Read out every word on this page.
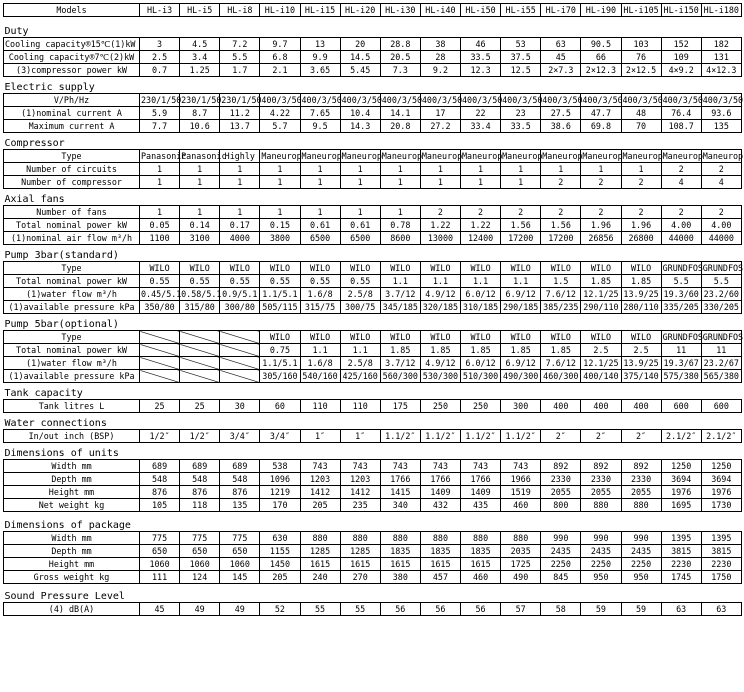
Models	HL-i3	HL-i5	HL-i8	HL-i10	HL-i15	HL-i20	HL-i30	HL-i40	HL-i50	HL-i55	HL-i70	HL-i90	HL-i105	HL-i150	HL-i180

Duty															
Cooling capacity®15℃(1)kW	3	4.5	7.2	9.7	13	20	28.8	38	46	53	63	90.5	103	152	182
Cooling capacity®7℃(2)kW	2.5	3.4	5.5	6.8	9.9	14.5	20.5	28	33.5	37.5	45	66	76	109	131
(3)compressor power kW	0.7	1.25	1.7	2.1	3.65	5.45	7.3	9.2	12.3	12.5	2×7.3	2×12.3	2×12.5	4×9.2	4×12.3

Electric supply															
V/Ph/Hz	230/1/50	230/1/50	230/1/50	400/3/50	400/3/50	400/3/50	400/3/50	400/3/50	400/3/50	400/3/50	400/3/50	400/3/50	400/3/50	400/3/50	400/3/50
(1)nominal current A	5.9	8.7	11.2	4.22	7.65	10.4	14.1	17	22	23	27.5	47.7	48	76.4	93.6
Maximum current A	7.7	10.6	13.7	5.7	9.5	14.3	20.8	27.2	33.4	33.5	38.6	69.8	70	108.7	135

Compressor															
Type	Panasonic	Panasonic	Highly	Maneurop	Maneurop	Maneurop	Maneurop	Maneurop	Maneurop	Maneurop	Maneurop	Maneurop	Maneurop	Maneurop	Maneurop
Number of circuits	1	1	1	1	1	1	1	1	1	1	1	1	1	2	2
Number of compressor	1	1	1	1	1	1	1	1	1	1	2	2	2	4	4

Axial fans															
Number of fans	1	1	1	1	1	1	1	2	2	2	2	2	2	2	2
Total nominal power kW	0.05	0.14	0.17	0.15	0.61	0.61	0.78	1.22	1.22	1.56	1.56	1.96	1.96	4.00	4.00
(1)nominal air flow m³/h	1100	3100	4000	3800	6500	6500	8600	13000	12400	17200	17200	26856	26800	44000	44000

Pump 3bar(standard)															
Type	WILO	WILO	WILO	WILO	WILO	WILO	WILO	WILO	WILO	WILO	WILO	WILO	WILO	GRUNDFOS	GRUNDFOS
Total nominal power kW	0.55	0.55	0.55	0.55	0.55	0.55	1.1	1.1	1.1	1.1	1.5	1.85	1.85	5.5	5.5
(1)water flow m³/h	0.45/5.1	0.58/5.1	0.9/5.1	1.1/5.1	1.6/8	2.5/8	3.7/12	4.9/12	6.0/12	6.9/12	7.6/12	12.1/25	13.9/25	19.3/60	23.2/60
(1)available pressure kPa	350/80	315/80	300/80	505/115	315/75	300/75	345/185	320/185	310/185	290/185	385/235	290/110	280/110	335/205	330/205

Pump 5bar(optional)															
Type				WILO	WILO	WILO	WILO	WILO	WILO	WILO	WILO	WILO	WILO	GRUNDFOS	GRUNDFOS
Total nominal power kW				0.75	1.1	1.1	1.85	1.85	1.85	1.85	1.85	2.5	2.5	11	11
(1)water flow m³/h				1.1/5.1	1.6/8	2.5/8	3.7/12	4.9/12	6.0/12	6.9/12	7.6/12	12.1/25	13.9/25	19.3/67	23.2/67
(1)available pressure kPa				305/160	540/160	425/160	560/300	530/300	510/300	490/300	460/300	400/140	375/140	575/380	565/380

Tank capacity															
Tank litres L	25	25	30	60	110	110	175	250	250	300	400	400	400	600	600

Water connections															
In/out inch (BSP)	1/2″	1/2″	3/4″	3/4″	1″	1″	1.1/2″	1.1/2″	1.1/2″	1.1/2″	2″	2″	2″	2.1/2″	2.1/2″

Dimensions of units															
Width mm	689	689	689	538	743	743	743	743	743	743	892	892	892	1250	1250
Depth mm	548	548	548	1096	1203	1203	1766	1766	1766	1966	2330	2330	2330	3694	3694
Height mm	876	876	876	1219	1412	1412	1415	1409	1409	1519	2055	2055	2055	1976	1976
Net weight kg	105	118	135	170	205	235	340	432	435	460	800	880	880	1695	1730

Dimensions of package															
Width mm	775	775	775	630	880	880	880	880	880	880	990	990	990	1395	1395
Depth mm	650	650	650	1155	1285	1285	1835	1835	1835	2035	2435	2435	2435	3815	3815
Height mm	1060	1060	1060	1450	1615	1615	1615	1615	1615	1725	2250	2250	2250	2230	2230
Gross weight kg	111	124	145	205	240	270	380	457	460	490	845	950	950	1745	1750

Sound Pressure Level															
(4) dB(A)	45	49	49	52	55	55	56	56	56	57	58	59	59	63	63
